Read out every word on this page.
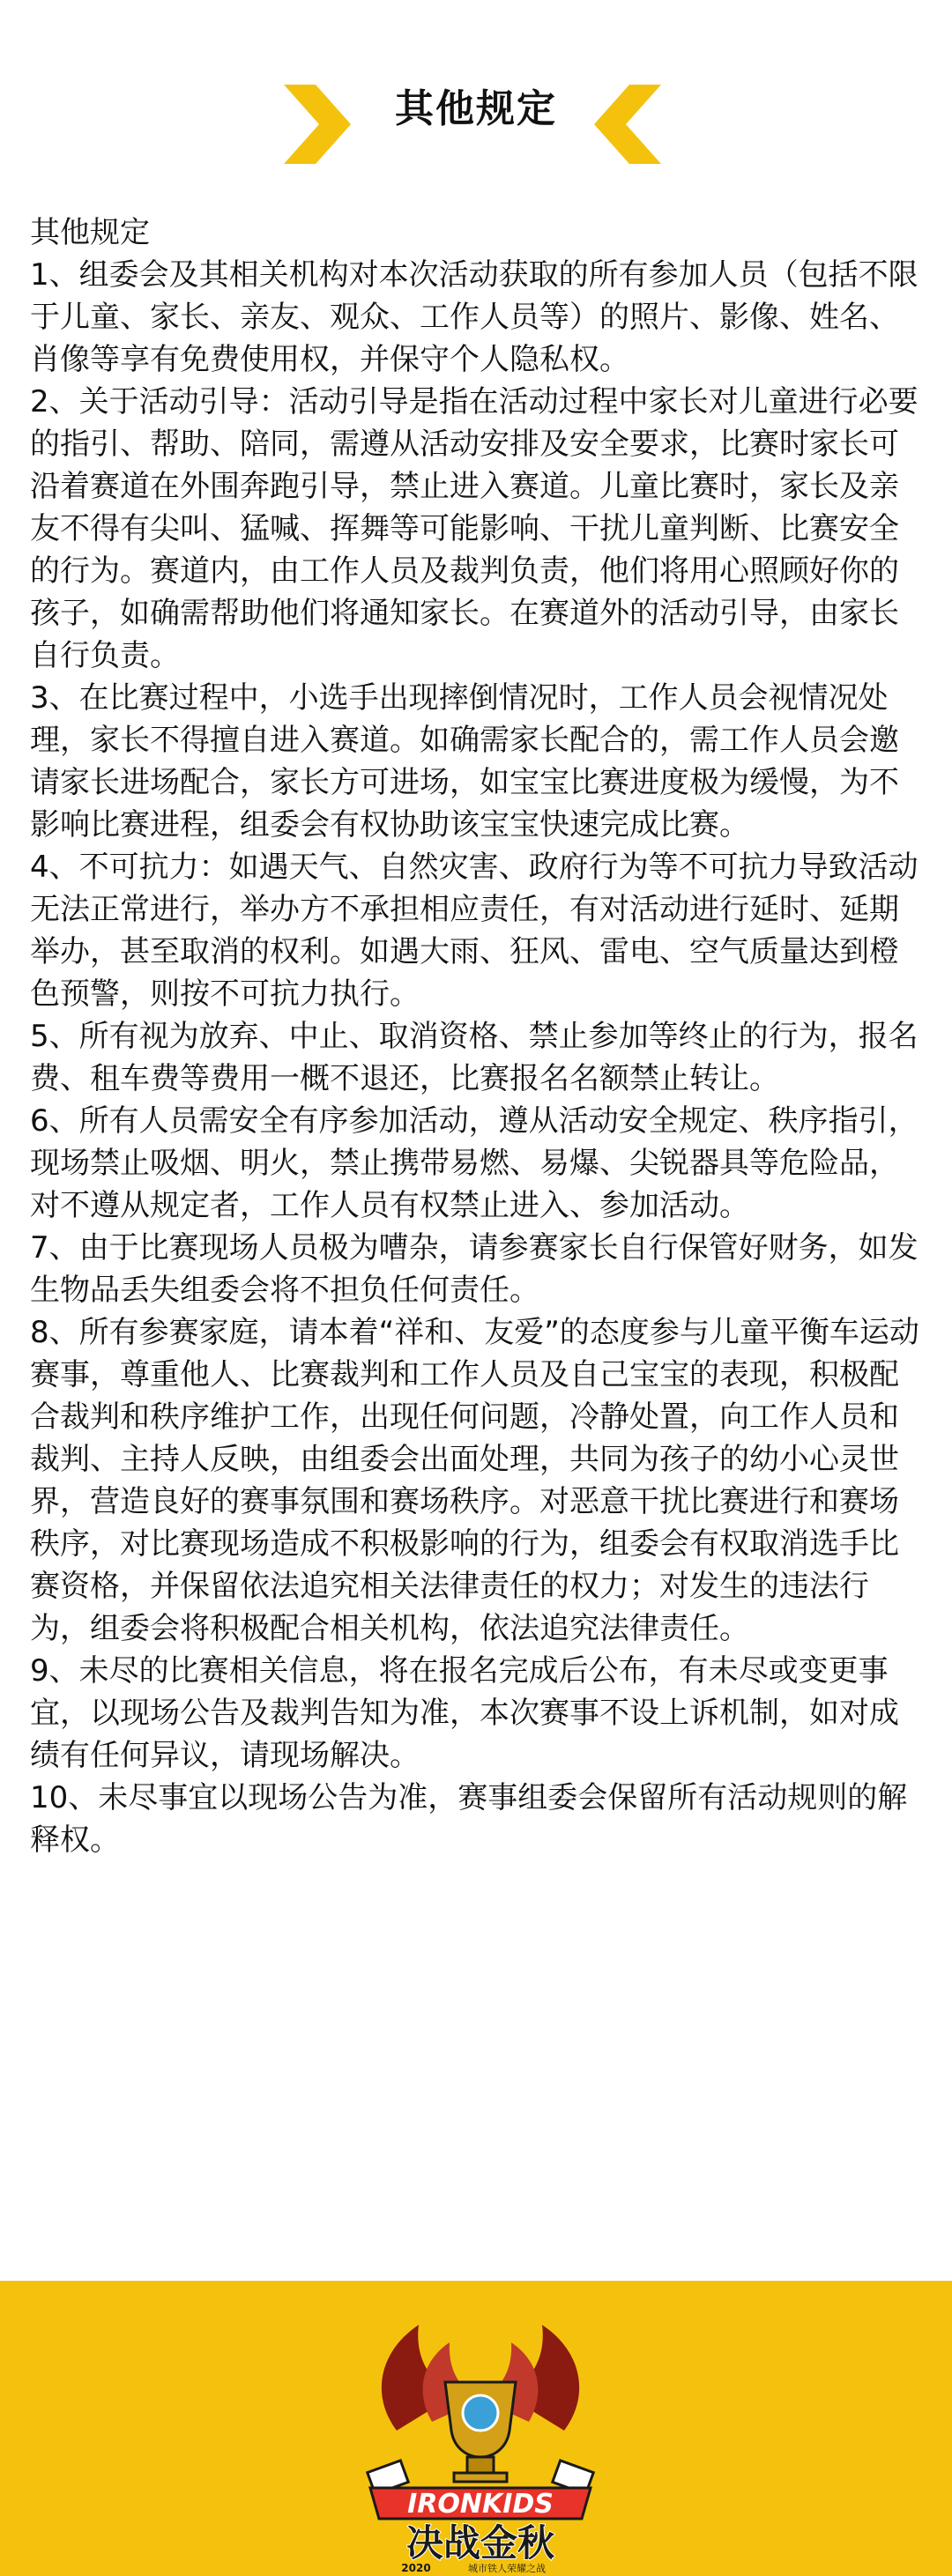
其他规定

其他规定

1、组委会及其相关机构对本次活动获取的所有参加人员（包括不限于儿童、家长、亲友、观众、工作人员等）的照片、影像、姓名、肖像等享有免费使用权，并保守个人隐私权。

2、关于活动引导：活动引导是指在活动过程中家长对儿童进行必要的指引、帮助、陪同，需遵从活动安排及安全要求，比赛时家长可沿着赛道在外围奔跑引导，禁止进入赛道。儿童比赛时，家长及亲友不得有尖叫、猛喊、挥舞等可能影响、干扰儿童判断、比赛安全的行为。赛道内，由工作人员及裁判负责，他们将用心照顾好你的孩子，如确需帮助他们将通知家长。在赛道外的活动引导，由家长自行负责。

3、在比赛过程中，小选手出现摔倒情况时，工作人员会视情况处理，家长不得擅自进入赛道。如确需家长配合的，需工作人员会邀请家长进场配合，家长方可进场，如宝宝比赛进度极为缓慢，为不影响比赛进程，组委会有权协助该宝宝快速完成比赛。

4、不可抗力：如遇天气、自然灾害、政府行为等不可抗力导致活动无法正常进行，举办方不承担相应责任，有对活动进行延时、延期举办，甚至取消的权利。如遇大雨、狂风、雷电、空气质量达到橙色预警，则按不可抗力执行。

5、所有视为放弃、中止、取消资格、禁止参加等终止的行为，报名费、租车费等费用一概不退还，比赛报名名额禁止转让。

6、所有人员需安全有序参加活动，遵从活动安全规定、秩序指引，现场禁止吸烟、明火，禁止携带易燃、易爆、尖锐器具等危险品，对不遵从规定者，工作人员有权禁止进入、参加活动。

7、由于比赛现场人员极为嘈杂，请参赛家长自行保管好财务，如发生物品丢失组委会将不担负任何责任。

8、所有参赛家庭，请本着“祥和、友爱”的态度参与儿童平衡车运动赛事，尊重他人、比赛裁判和工作人员及自己宝宝的表现，积极配合裁判和秩序维护工作，出现任何问题，冷静处置，向工作人员和裁判、主持人反映，由组委会出面处理，共同为孩子的幼小心灵世界，营造良好的赛事氛围和赛场秩序。对恶意干扰比赛进行和赛场秩序，对比赛现场造成不积极影响的行为，组委会有权取消选手比赛资格，并保留依法追究相关法律责任的权力；对发生的违法行为，组委会将积极配合相关机构，依法追究法律责任。

9、未尽的比赛相关信息，将在报名完成后公布，有未尽或变更事宜，以现场公告及裁判告知为准，本次赛事不设上诉机制，如对成绩有任何异议，请现场解决。

10、未尽事宜以现场公告为准，赛事组委会保留所有活动规则的解释权。

IRONKIDS
决战金秋
2020	城市铁人荣耀之战
